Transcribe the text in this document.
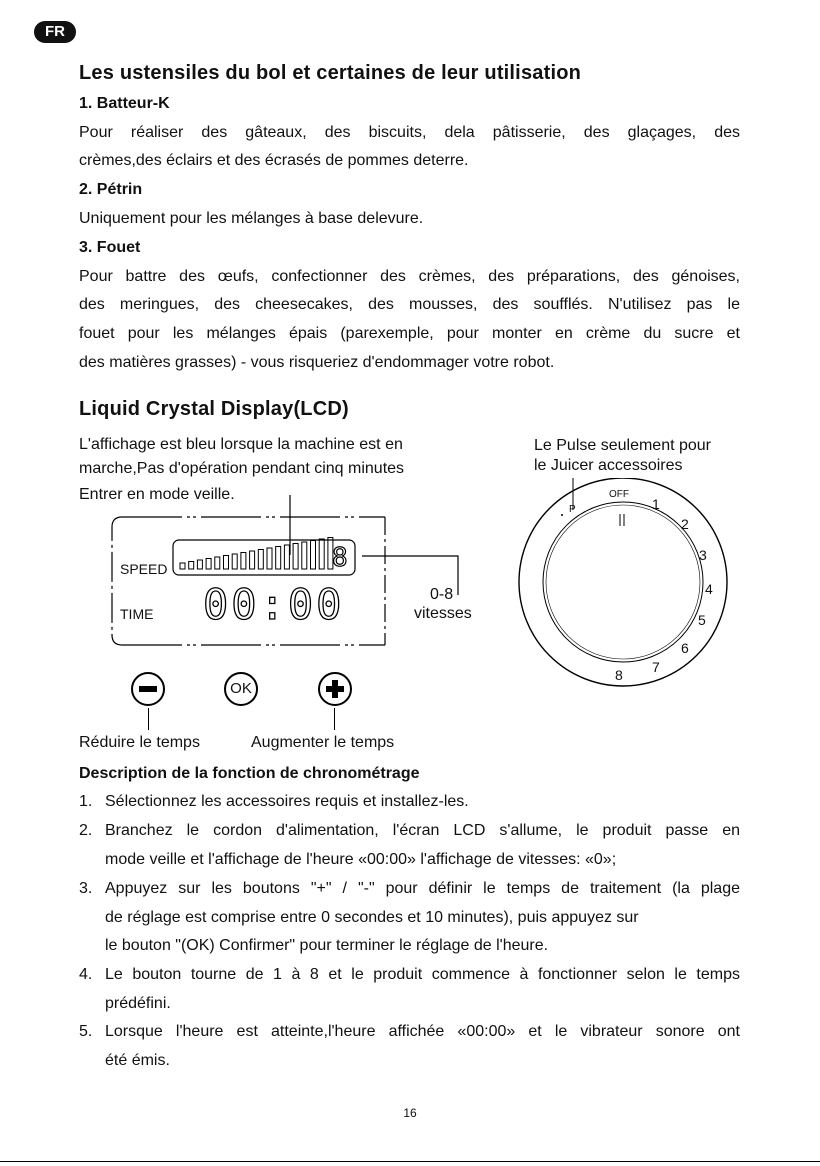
FR
Les ustensiles du bol et certaines de leur utilisation
1. Batteur-K
Pour réaliser des gâteaux, des biscuits, dela pâtisserie, des glaçages, des
crèmes,des éclairs et des écrasés de pommes deterre.
2. Pétrin
Uniquement pour les mélanges à base delevure.
3. Fouet
Pour battre des œufs, confectionner des crèmes, des préparations, des génoises,
des meringues, des cheesecakes, des mousses, des soufflés. N'utilisez pas le
fouet pour les mélanges épais (parexemple, pour monter en crème du sucre et
des matières grasses) - vous risqueriez d'endommager votre robot.
Liquid Crystal Display(LCD)
L'affichage est bleu lorsque la machine est en
marche,Pas d'opération pendant cinq minutes
Entrer en mode veille.
Le Pulse seulement pour
le Juicer accessoires
SPEED
TIME
8
00:00	0-8
vitesses
OK
Réduire le temps	Augmenter le temps
OFF
P	1
2
3
4
5
6
7
8
Description de la fonction de chronométrage
1. Sélectionnez les accessoires requis et installez-les.
2. Branchez le cordon d'alimentation, l'écran LCD s'allume, le produit passe en
mode veille et l'affichage de l'heure «00:00» l'affichage de vitesses: «0»;
3. Appuyez sur les boutons "+" / "-" pour définir le temps de traitement (la plage
de réglage est comprise entre 0 secondes et 10 minutes), puis appuyez sur
le bouton "(OK) Confirmer" pour terminer le réglage de l'heure.
4. Le bouton tourne de 1 à 8 et le produit commence à fonctionner selon le temps
prédéfini.
5. Lorsque l'heure est atteinte,l'heure affichée «00:00» et le vibrateur sonore ont
été émis.
16
